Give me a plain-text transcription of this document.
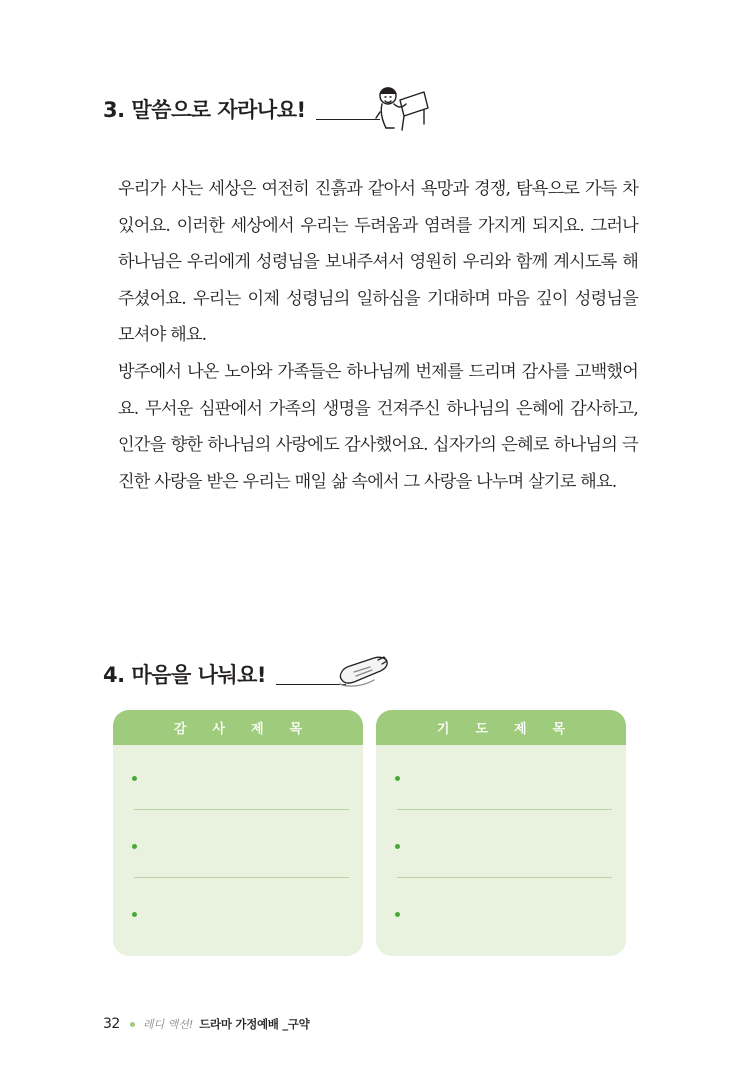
3. 말씀으로 자라나요!

우리가 사는 세상은 여전히 진흙과 같아서 욕망과 경쟁, 탐욕으로 가득 차 있어요. 이러한 세상에서 우리는 두려움과 염려를 가지게 되지요. 그러나 하나님은 우리에게 성령님을 보내주셔서 영원히 우리와 함께 계시도록 해주셨어요. 우리는 이제 성령님의 일하심을 기대하며 마음 깊이 성령님을 모셔야 해요.

방주에서 나온 노아와 가족들은 하나님께 번제를 드리며 감사를 고백했어요. 무서운 심판에서 가족의 생명을 건져주신 하나님의 은혜에 감사하고, 인간을 향한 하나님의 사랑에도 감사했어요. 십자가의 은혜로 하나님의 극진한 사랑을 받은 우리는 매일 삶 속에서 그 사랑을 나누며 살기로 해요.

4. 마음을 나눠요!
감사제목	기도제목
32 레디 액션! 드라마 가정예배 _구약
